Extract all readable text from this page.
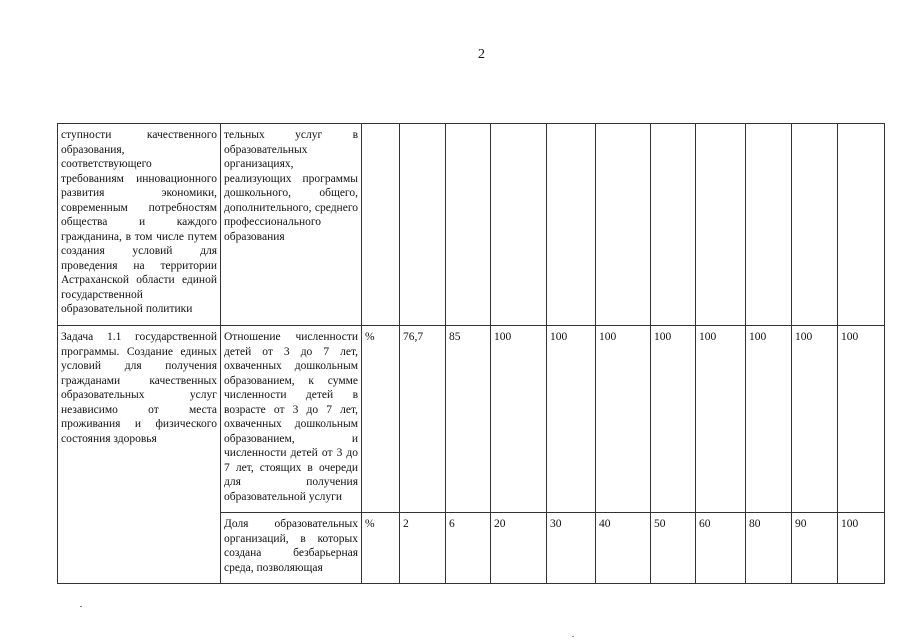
2
ступности качественного образования, соответствующего требованиям инновационного развития экономики, современным потребностям общества и каждого гражданина, в том числе путем создания условий для проведения на территории Астраханской области единой государственной образовательной политики	тельных услуг в образовательных организациях, реализующих программы дошкольного, общего, дополнительного, среднего профессионального образования											
Задача 1.1 государственной программы. Создание единых условий для получения гражданами качественных образовательных услуг независимо от места проживания и физического состояния здоровья	Отношение численности детей от 3 до 7 лет, охваченных дошкольным образованием, к сумме численности детей в возрасте от 3 до 7 лет, охваченных дошкольным образованием, и численности детей от 3 до 7 лет, стоящих в очереди для получения образовательной услуги	%	76,7	85	100	100	100	100	100	100	100	100

	Доля образовательных организаций, в которых создана безбарьерная среда, позволяющая	%	2	6	20	30	40	50	60	80	90	100
